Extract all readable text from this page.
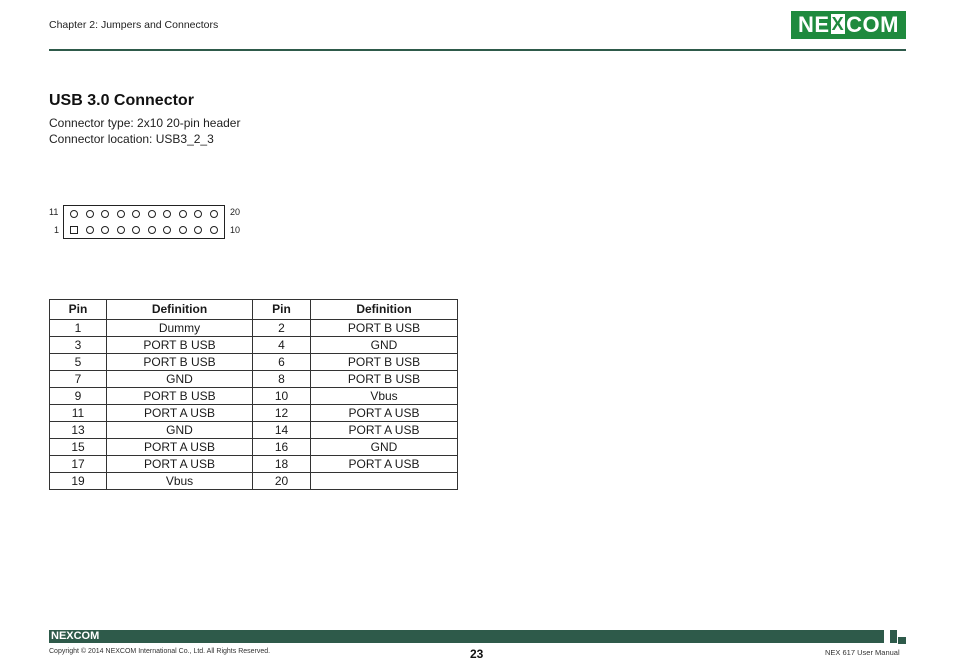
Chapter 2: Jumpers and Connectors	NE XCOM
USB 3.0 Connector
Connector type: 2x10 20-pin header
Connector location: USB3_2_3
11
1
20
10
Pin	Definition	Pin	Definition
1	Dummy	2	PORT B USB
3	PORT B USB	4	GND
5	PORT B USB	6	PORT B USB
7	GND	8	PORT B USB
9	PORT B USB	10	Vbus
11	PORT A USB	12	PORT A USB
13	GND	14	PORT A USB
15	PORT A USB	16	GND
17	PORT A USB	18	PORT A USB
19	Vbus	20	
NEXCOM
Copyright © 2014 NEXCOM International Co., Ltd. All Rights Reserved.	23	NEX 617 User Manual
